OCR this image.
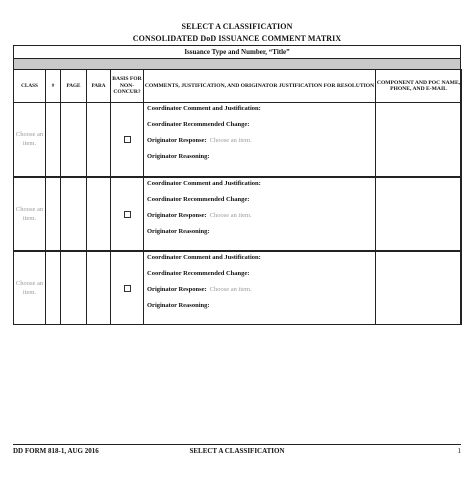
SELECT A CLASSIFICATION
CONSOLIDATED DoD ISSUANCE COMMENT MATRIX
Issuance Type and Number, “Title”
CLASS	#	PAGE	PARA	BASIS FOR NON-CONCUR?	COMMENTS, JUSTIFICATION, AND ORIGINATOR JUSTIFICATION FOR RESOLUTION	COMPONENT AND POC NAME, PHONE, AND E-MAIL
Choose an item.					Coordinator Comment and Justification:
Coordinator Recommended Change:
Originator Response: Choose an item.
Originator Reasoning:	

Choose an item.					Coordinator Comment and Justification:
Coordinator Recommended Change:
Originator Response: Choose an item.
Originator Reasoning:	

Choose an item.					Coordinator Comment and Justification:
Coordinator Recommended Change:
Originator Response: Choose an item.
Originator Reasoning:	

DD FORM 818-1, AUG 2016	SELECT A CLASSIFICATION	1
